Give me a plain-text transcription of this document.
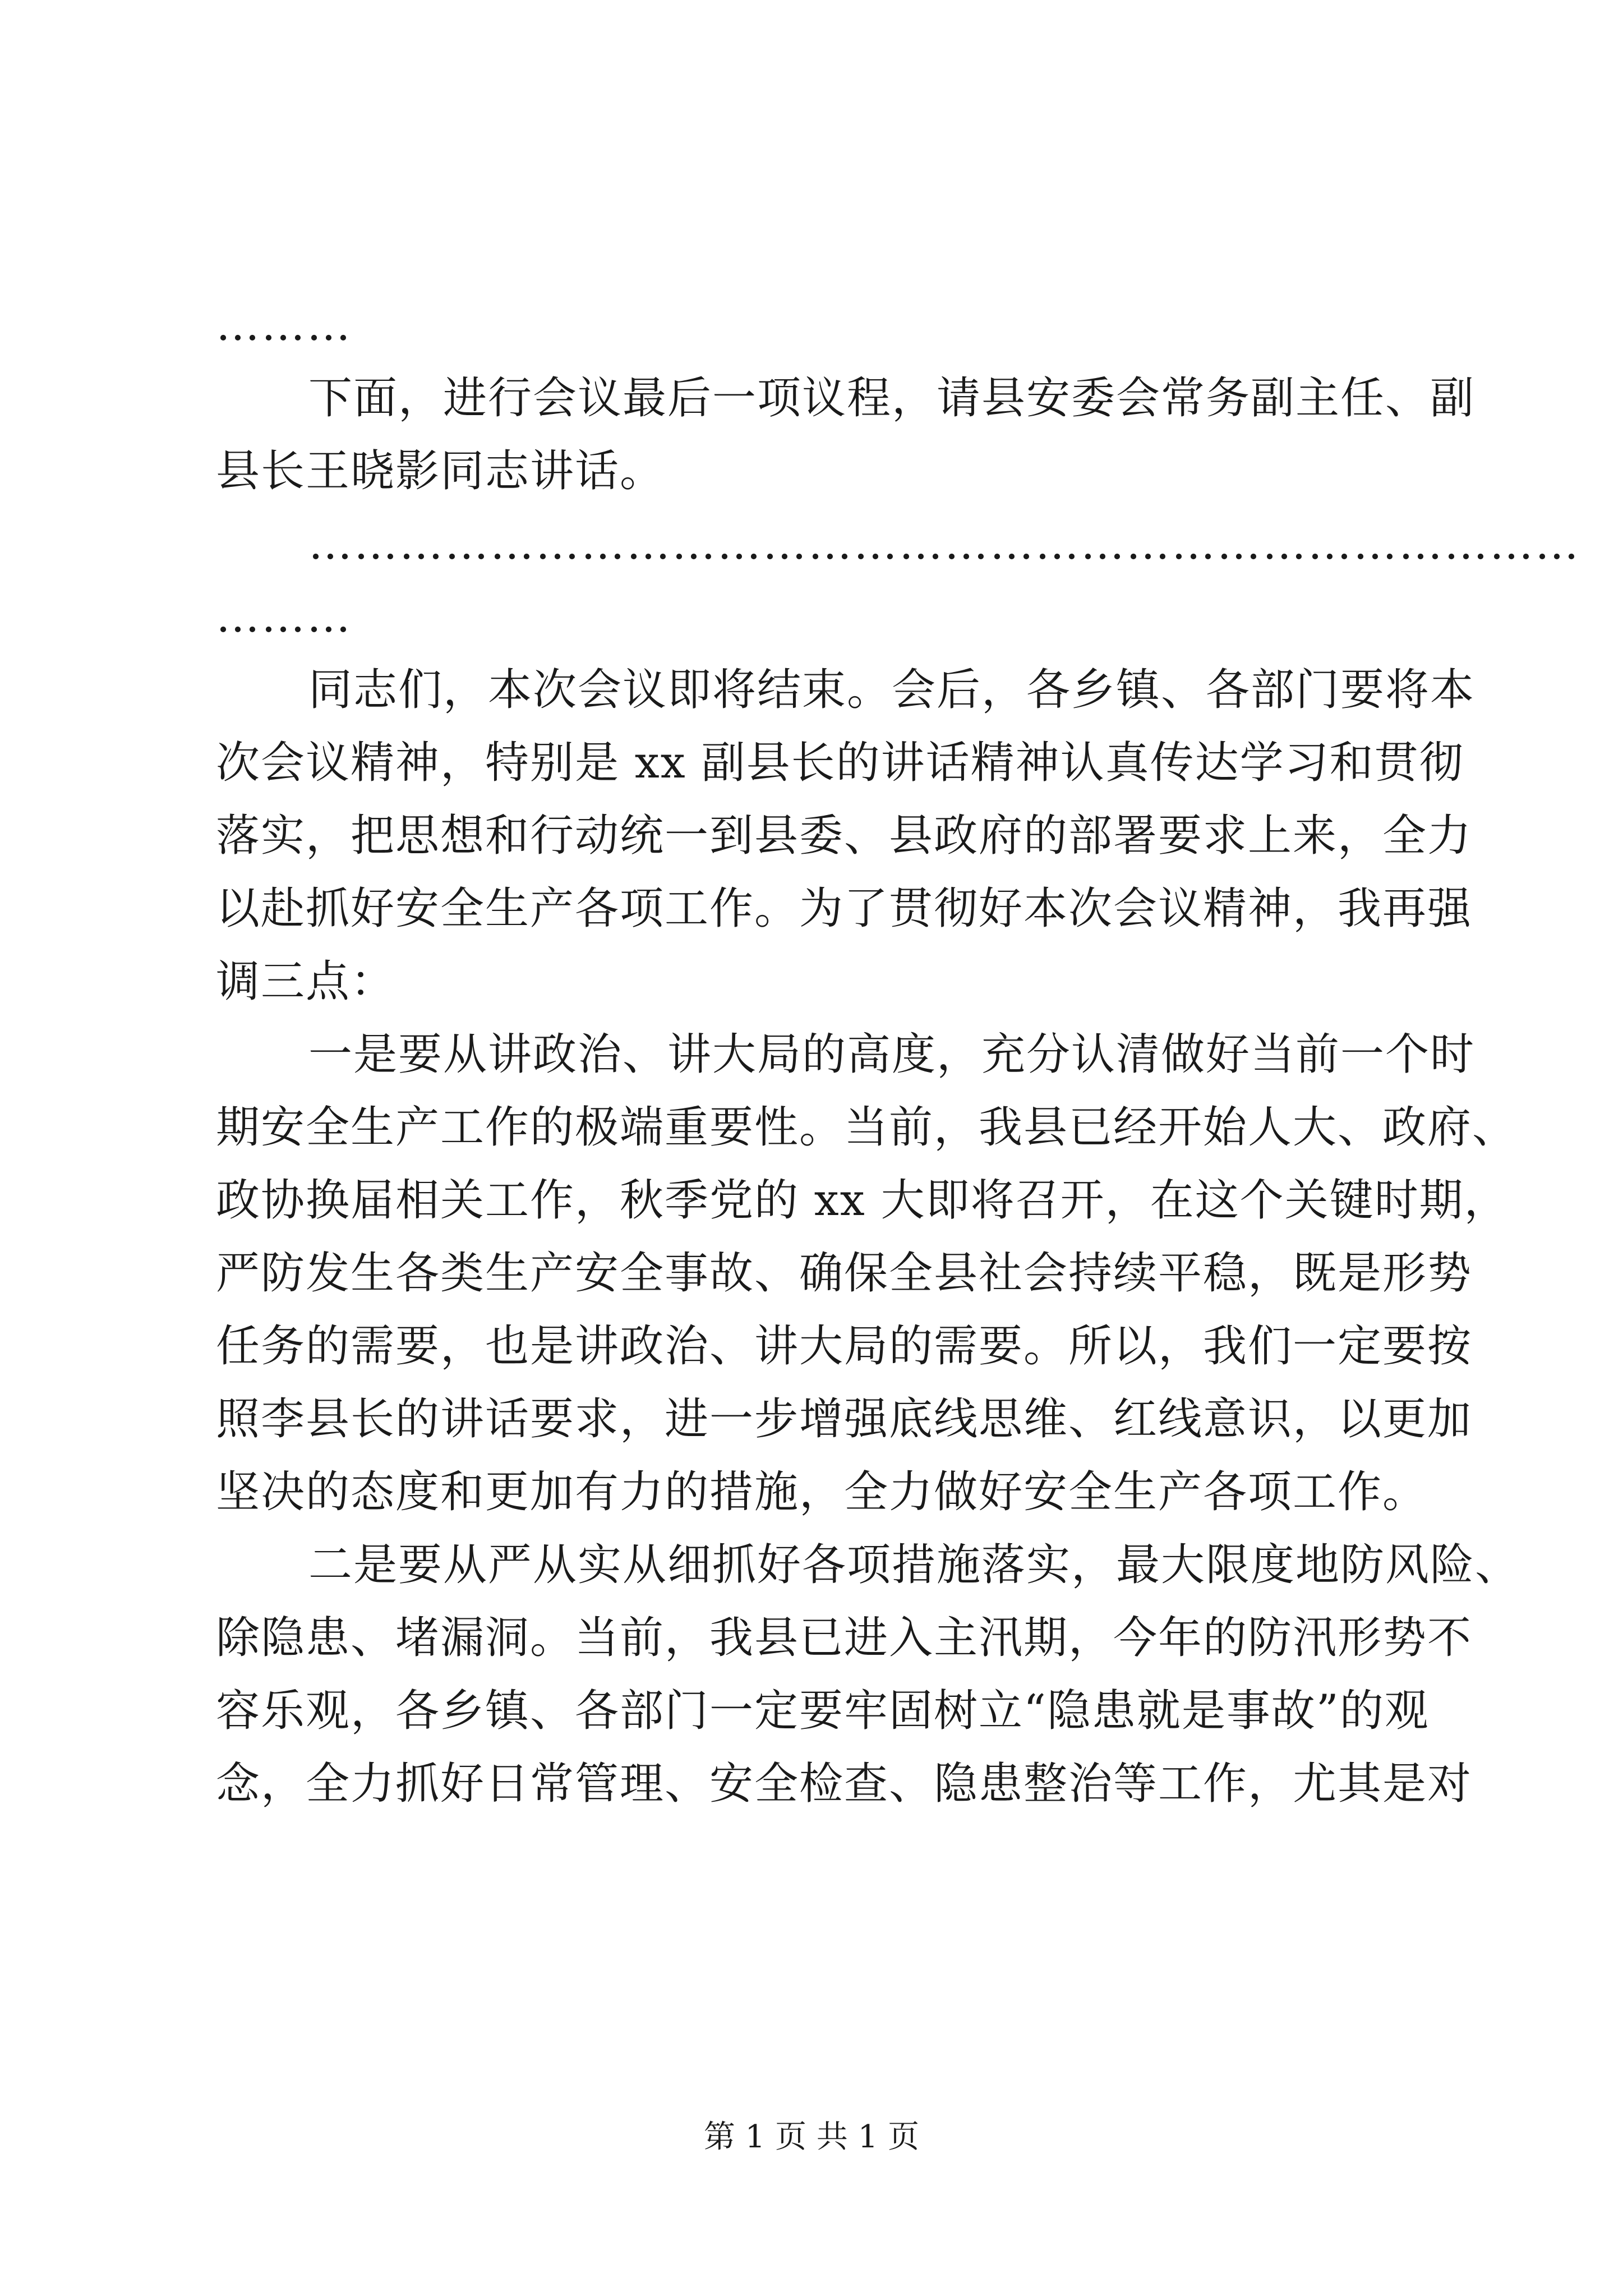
………
下面，进行会议最后一项议程，请县安委会常务副主任、副
县长王晓影同志讲话。
…………………………………………………………………………
………
同志们，本次会议即将结束。会后，各乡镇、各部门要将本
次会议精神，特别是 xx 副县长的讲话精神认真传达学习和贯彻
落实，把思想和行动统一到县委、县政府的部署要求上来，全力
以赴抓好安全生产各项工作。为了贯彻好本次会议精神，我再强
调三点：
一是要从讲政治、讲大局的高度，充分认清做好当前一个时
期安全生产工作的极端重要性。当前，我县已经开始人大、政府、
政协换届相关工作，秋季党的 xx 大即将召开，在这个关键时期，
严防发生各类生产安全事故、确保全县社会持续平稳，既是形势
任务的需要，也是讲政治、讲大局的需要。所以，我们一定要按
照李县长的讲话要求，进一步增强底线思维、红线意识，以更加
坚决的态度和更加有力的措施，全力做好安全生产各项工作。
二是要从严从实从细抓好各项措施落实，最大限度地防风险、
除隐患、堵漏洞。当前，我县已进入主汛期，今年的防汛形势不
容乐观，各乡镇、各部门一定要牢固树立“隐患就是事故”的观
念，全力抓好日常管理、安全检查、隐患整治等工作，尤其是对
第 1 页 共 1 页
